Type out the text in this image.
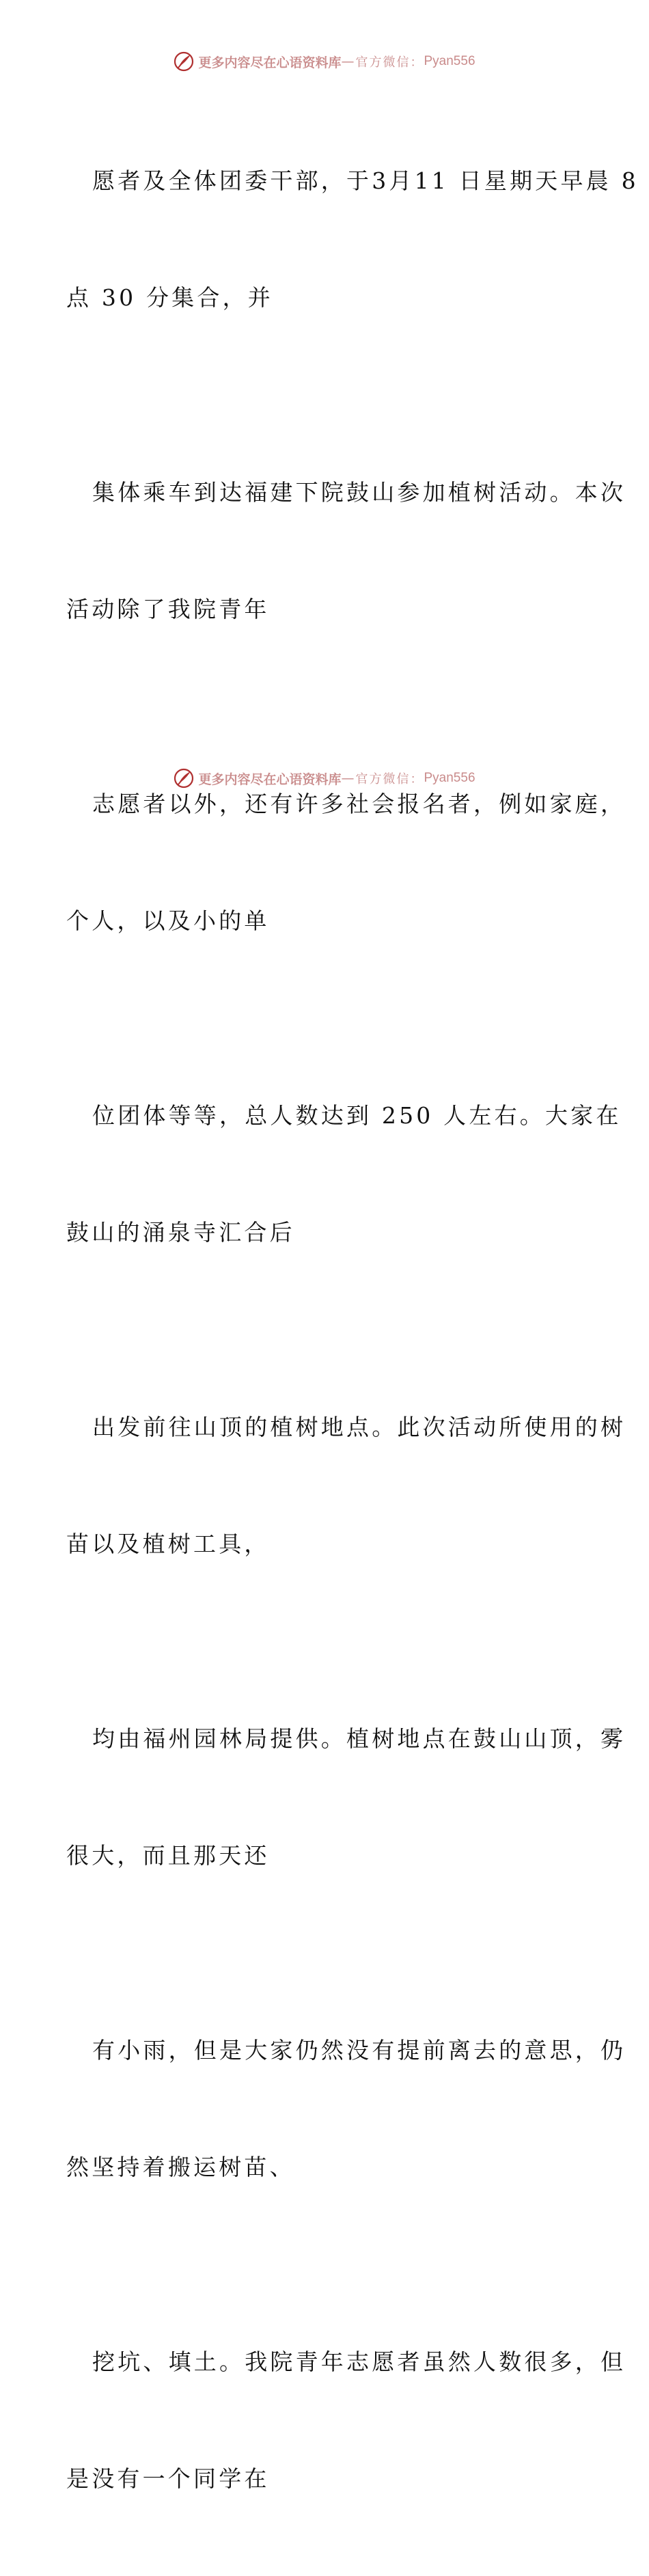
更多内容尽在心语资料库 — 官方微信： Pyan556

愿者及全体团委干部，于3月11 日星期天早晨 8

点 30 分集合，并

集体乘车到达福建下院鼓山参加植树活动。本次

活动除了我院青年

志愿者以外，还有许多社会报名者，例如家庭，

个人，以及小的单

位团体等等，总人数达到 250 人左右。大家在

鼓山的涌泉寺汇合后

出发前往山顶的植树地点。此次活动所使用的树

苗以及植树工具，

均由福州园林局提供。植树地点在鼓山山顶，雾

很大，而且那天还

有小雨，但是大家仍然没有提前离去的意思，仍

然坚持着搬运树苗、

挖坑、填土。我院青年志愿者虽然人数很多，但

是没有一个同学在

更多内容尽在心语资料库 — 官方微信： Pyan556
